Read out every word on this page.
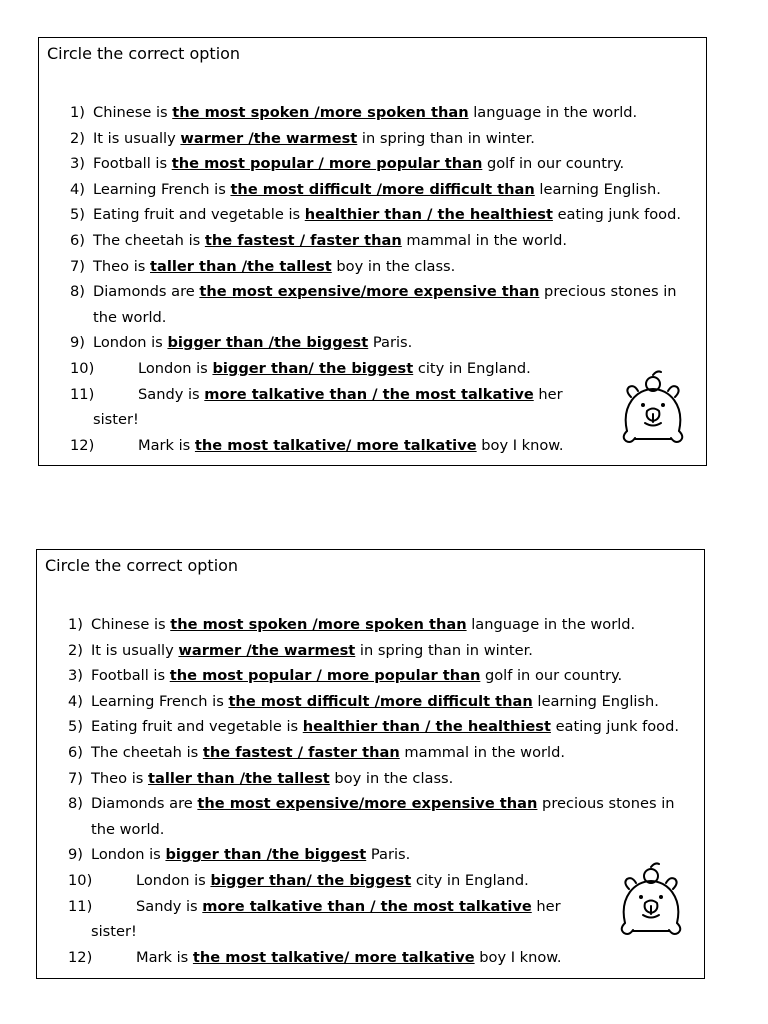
Circle the correct option
1) Chinese is the most spoken /more spoken than language in the world.
2) It is usually warmer /the warmest in spring than in winter.
3) Football is the most popular / more popular than golf in our country.
4) Learning French is the most difficult /more difficult than learning English.
5) Eating fruit and vegetable is healthier than / the healthiest eating junk food.
6) The cheetah is the fastest / faster than mammal in the world.
7) Theo is taller than /the tallest boy in the class.
8) Diamonds are the most expensive/more expensive than precious stones in
the world.
9) London is bigger than /the biggest Paris.
10)	London is bigger than/ the biggest city in England.
11)	Sandy is more talkative than / the most talkative her
sister!
12)	Mark is the most talkative/ more talkative boy I know.
Circle the correct option
1) Chinese is the most spoken /more spoken than language in the world.
2) It is usually warmer /the warmest in spring than in winter.
3) Football is the most popular / more popular than golf in our country.
4) Learning French is the most difficult /more difficult than learning English.
5) Eating fruit and vegetable is healthier than / the healthiest eating junk food.
6) The cheetah is the fastest / faster than mammal in the world.
7) Theo is taller than /the tallest boy in the class.
8) Diamonds are the most expensive/more expensive than precious stones in
the world.
9) London is bigger than /the biggest Paris.
10)	London is bigger than/ the biggest city in England.
11)	Sandy is more talkative than / the most talkative her
sister!
12)	Mark is the most talkative/ more talkative boy I know.
